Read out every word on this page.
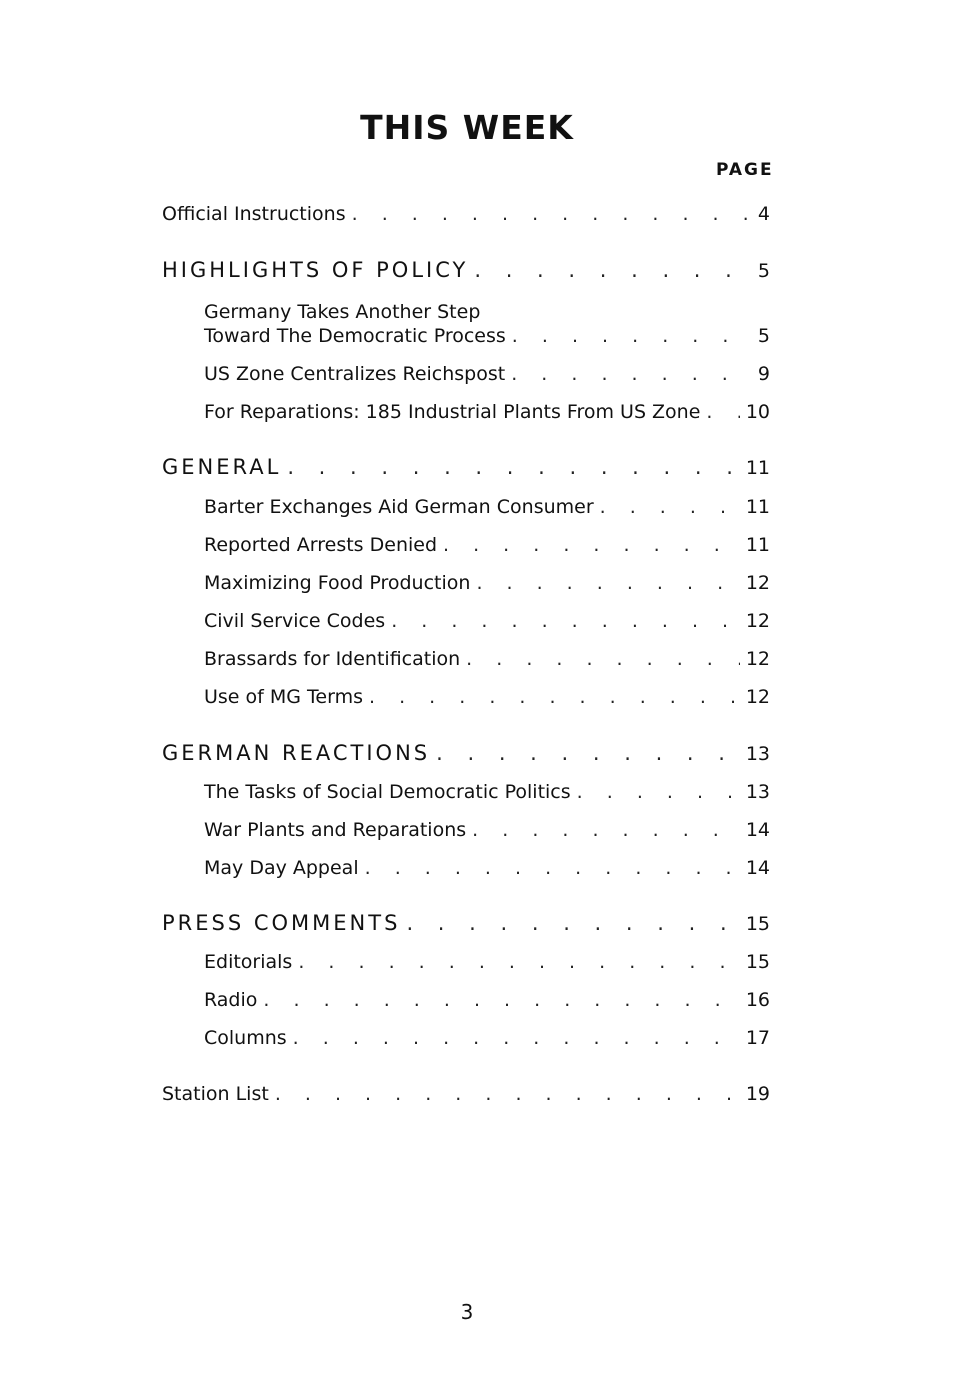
THIS WEEK
PAGE
Official Instructions . . .	4
HIGHLIGHTS OF POLICY . . .	5
Germany Takes Another Step
Toward The Democratic Process . . .	5
US Zone Centralizes Reichspost . . .	9
For Reparations: 185 Industrial Plants From US Zone . . . 10
GENERAL . . .	11
Barter Exchanges Aid German Consumer . . .	11
Reported Arrests Denied . . .	11
Maximizing Food Production . . .	12
Civil Service Codes . . .	12
Brassards for Identification . . .	12
Use of MG Terms . . .	12
GERMAN REACTIONS . . .	13
The Tasks of Social Democratic Politics . . .	13
War Plants and Reparations . . .	14
May Day Appeal . . .	14
PRESS COMMENTS . . .	15
Editorials . . .	15
Radio . . .	16
Columns . . .	17
Station List . . .	19
3
